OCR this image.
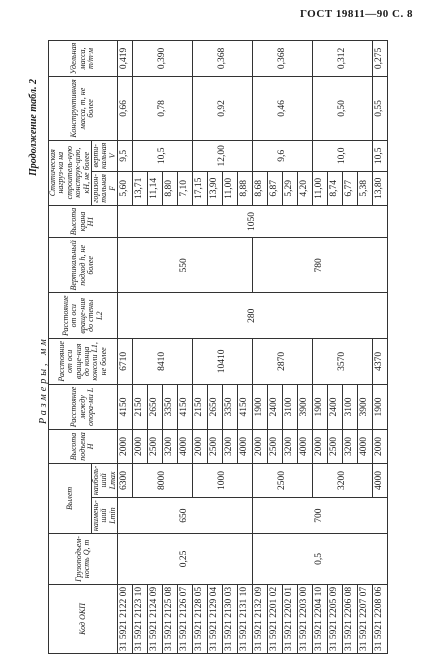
ГОСТ 19811—90 С. 8
Продолжение табл. 2
Размеры, мм
Код ОКП	Грузоподъем-ность Q, т	Вылет		Высота подъема H	Расстояние между опора-ми L	Расстояние от оси враще-ния до конца консоли L1, не более	Расстояние от оси враще-ния до стены L2	Вертикальный подход h, не более	Высота крана H1	Статическая нагруз-ка на строитель-ную конструк-цию, кН, не более		Конструктивная масса, т, не более	Удельная масса, т/т·м
		наимень-ший Lmin	наиболь-ший Lmax							горизон-тальная F	верти-кальная V		
31 5921 2122 00	0,25	650	6300	2000	4150	6710	280	550	1050	5,60	9,5	0,66	0,419
31 5921 2123 10			8000	2000	2150	8410				13,71	10,5	0,78	0,390
31 5921 2124 09				2500	2650					11,14			
31 5921 2125 08				3200	3350					8,80			
31 5921 2126 07				4000	4150					7,10			
31 5921 2128 05			1000	2000	2150	10410				17,15	12,00	0,92	0,368
31 5921 2129 04				2500	2650					13,90			
31 5921 2130 03				3200	3350					11,00			
31 5921 2131 10				4000	4150					8,88			
31 5921 2132 09	0,5	700	2500	2000	1900	2870		780		8,68	9,6	0,46	0,368
31 5921 2201 02				2500	2400					6,87			
31 5921 2202 01				3200	3100					5,29			
31 5921 2203 00				4000	3900					4,20			
31 5921 2204 10			3200	2000	1900	3570				11,00	10,0	0,50	0,312
31 5921 2205 09				2500	2400					8,74			
31 5921 2206 08				3200	3100					6,77			
31 5921 2207 07				4000	3900					5,38			
31 5921 2208 06			4000	2000	1900	4370				13,80	10,5	0,55	0,275
